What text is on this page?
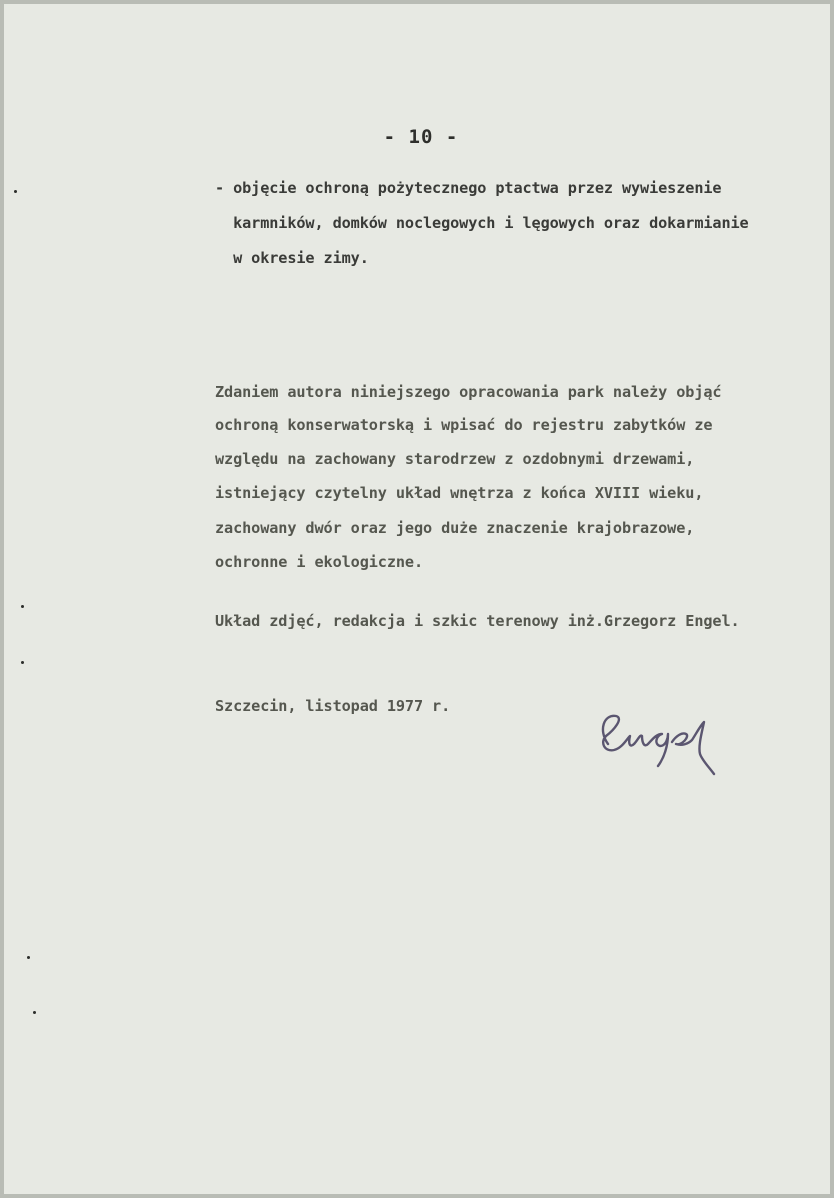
- 10 -
- objęcie ochroną pożytecznego ptactwa przez wywieszenie
karmników, domków noclegowych i lęgowych oraz dokarmianie
w okresie zimy.
Zdaniem autora niniejszego opracowania park należy objąć
ochroną konserwatorską i wpisać do rejestru zabytków ze
względu na zachowany starodrzew z ozdobnymi drzewami,
istniejący czytelny układ wnętrza z końca XVIII wieku,
zachowany dwór oraz jego duże znaczenie krajobrazowe,
ochronne i ekologiczne.
Układ zdjęć, redakcja i szkic terenowy inż.Grzegorz Engel.
Szczecin, listopad 1977 r.
